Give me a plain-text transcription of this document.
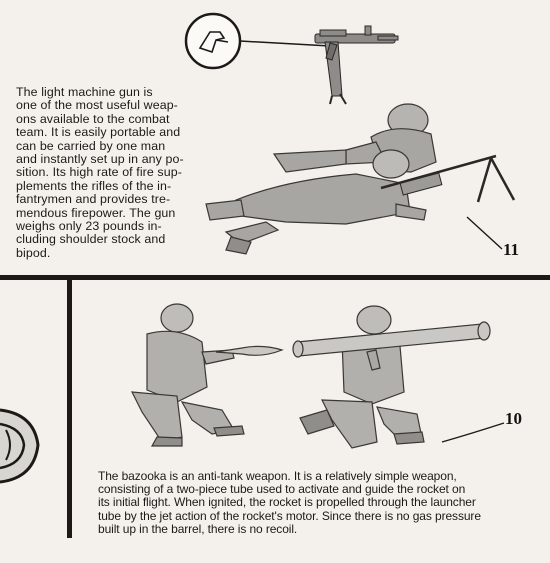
The light machine gun is
one of the most useful weap-
ons available to the combat
team. It is easily portable and
can be carried by one man
and instantly set up in any po-
sition. Its high rate of fire sup-
plements the rifles of the in-
fantrymen and provides tre-
mendous firepower. The gun
weighs only 23 pounds in-
cluding shoulder stock and
bipod.	11
10
The bazooka is an anti-tank weapon. It is a relatively simple weapon,
consisting of a two-piece tube used to activate and guide the rocket on
its initial flight. When ignited, the rocket is propelled through the launcher
tube by the jet action of the rocket's motor. Since there is no gas pressure
built up in the barrel, there is no recoil.
